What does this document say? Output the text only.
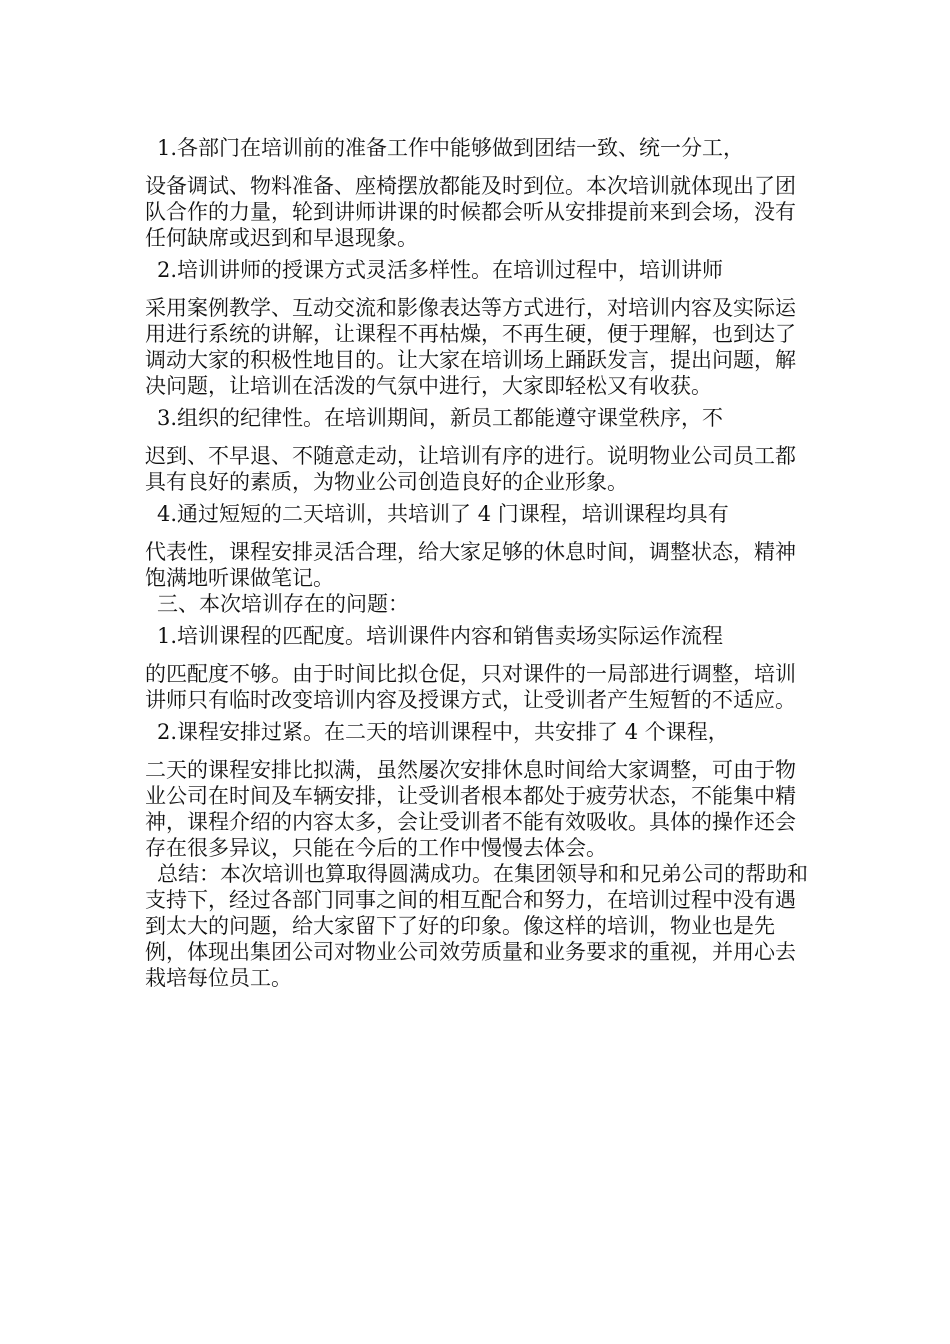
1.各部门在培训前的准备工作中能够做到团结一致、统一分工，
设备调试、物料准备、座椅摆放都能及时到位。本次培训就体现出了团队合作的力量，轮到讲师讲课的时候都会听从安排提前来到会场，没有任何缺席或迟到和早退现象。
2.培训讲师的授课方式灵活多样性。在培训过程中，培训讲师
采用案例教学、互动交流和影像表达等方式进行，对培训内容及实际运用进行系统的讲解，让课程不再枯燥，不再生硬，便于理解，也到达了调动大家的积极性地目的。让大家在培训场上踊跃发言，提出问题，解决问题，让培训在活泼的气氛中进行，大家即轻松又有收获。
3.组织的纪律性。在培训期间，新员工都能遵守课堂秩序，不
迟到、不早退、不随意走动，让培训有序的进行。说明物业公司员工都具有良好的素质，为物业公司创造良好的企业形象。
4.通过短短的二天培训，共培训了 4 门课程，培训课程均具有
代表性，课程安排灵活合理，给大家足够的休息时间，调整状态，精神饱满地听课做笔记。
三、本次培训存在的问题：
1.培训课程的匹配度。培训课件内容和销售卖场实际运作流程
的匹配度不够。由于时间比拟仓促，只对课件的一局部进行调整，培训讲师只有临时改变培训内容及授课方式，让受训者产生短暂的不适应。
2.课程安排过紧。在二天的培训课程中，共安排了 4 个课程，
二天的课程安排比拟满，虽然屡次安排休息时间给大家调整，可由于物业公司在时间及车辆安排，让受训者根本都处于疲劳状态，不能集中精神，课程介绍的内容太多，会让受训者不能有效吸收。具体的操作还会存在很多异议，只能在今后的工作中慢慢去体会。
总结：本次培训也算取得圆满成功。在集团领导和和兄弟公司的帮助和支持下，经过各部门同事之间的相互配合和努力，在培训过程中没有遇到太大的问题，给大家留下了好的印象。像这样的培训，物业也是先例，体现出集团公司对物业公司效劳质量和业务要求的重视，并用心去栽培每位员工。
